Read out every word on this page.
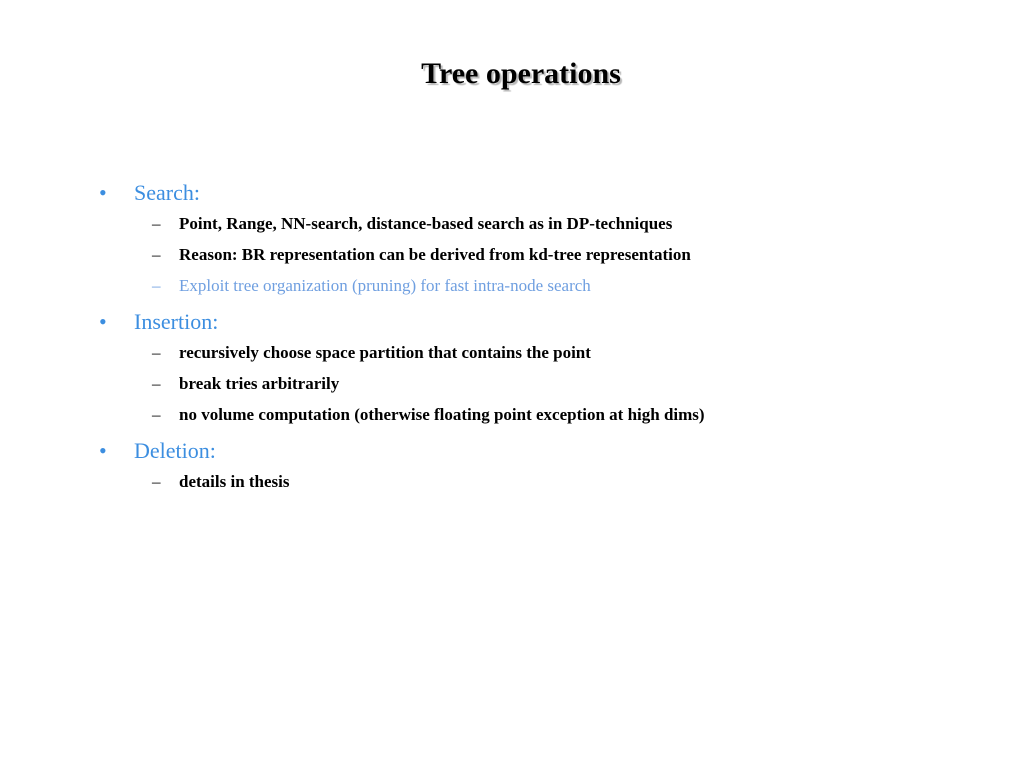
Tree operations
• Search:
– Point, Range, NN-search, distance-based search as in DP-techniques
– Reason: BR representation can be derived from kd-tree representation
– Exploit tree organization (pruning) for fast intra-node search
• Insertion:
– recursively choose space partition that contains the point
– break tries arbitrarily
– no volume computation (otherwise floating point exception at high dims)
• Deletion:
– details in thesis
